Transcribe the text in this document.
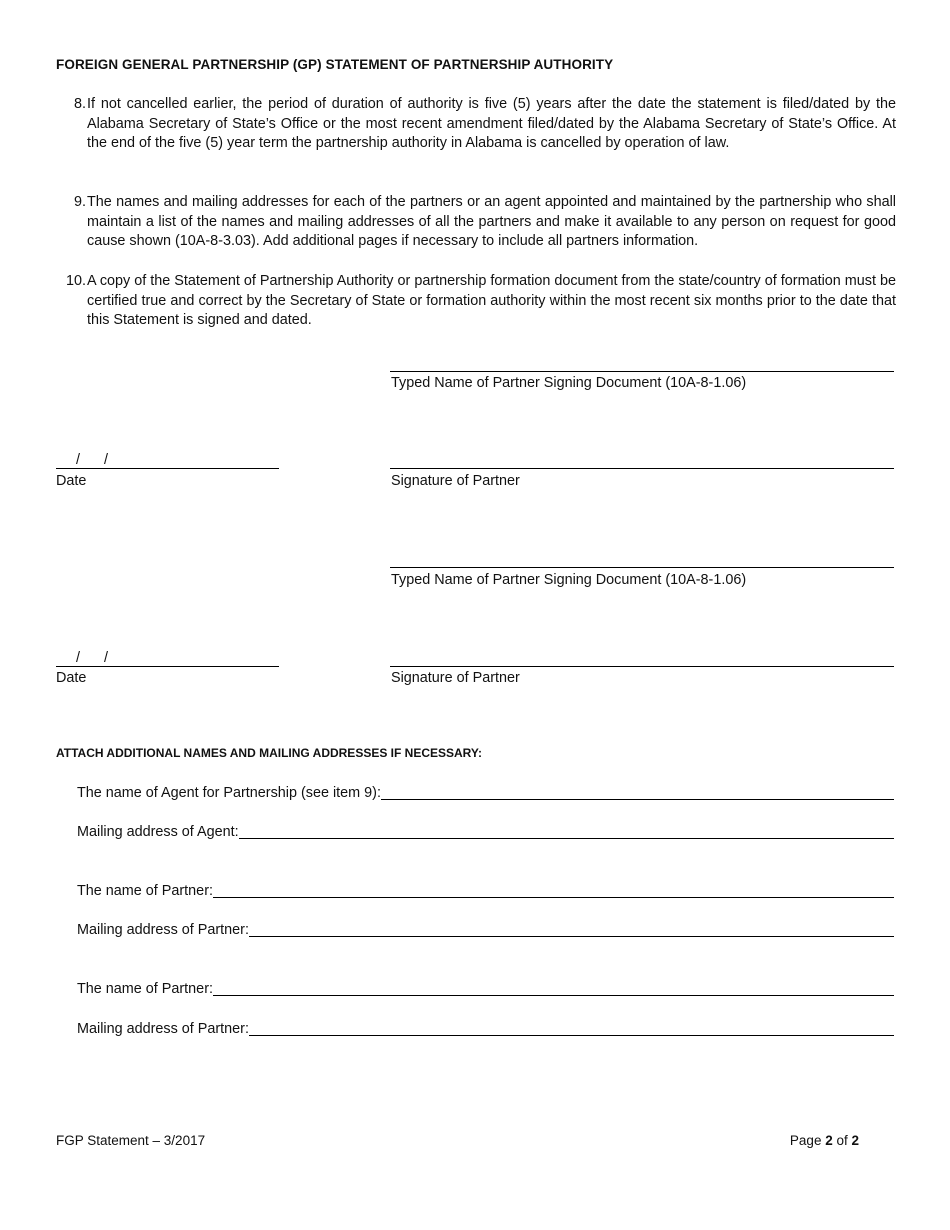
FOREIGN GENERAL PARTNERSHIP (GP) STATEMENT OF PARTNERSHIP AUTHORITY
8. If not cancelled earlier, the period of duration of authority is five (5) years after the date the statement is filed/dated by the Alabama Secretary of State’s Office or the most recent amendment filed/dated by the Alabama Secretary of State’s Office. At the end of the five (5) year term the partnership authority in Alabama is cancelled by operation of law.
9. The names and mailing addresses for each of the partners or an agent appointed and maintained by the partnership who shall maintain a list of the names and mailing addresses of all the partners and make it available to any person on request for good cause shown (10A-8-3.03). Add additional pages if necessary to include all partners information.
10. A copy of the Statement of Partnership Authority or partnership formation document from the state/country of formation must be certified true and correct by the Secretary of State or formation authority within the most recent six months prior to the date that this Statement is signed and dated.
Typed Name of Partner Signing Document (10A-8-1.06)
/      /
Date	Signature of Partner
Typed Name of Partner Signing Document (10A-8-1.06)
/      /
Date	Signature of Partner
ATTACH ADDITIONAL NAMES AND MAILING ADDRESSES IF NECESSARY:
The name of Agent for Partnership (see item 9):
Mailing address of Agent:
The name of Partner:
Mailing address of Partner:
The name of Partner:
Mailing address of Partner:
FGP Statement – 3/2017	Page 2 of 2
